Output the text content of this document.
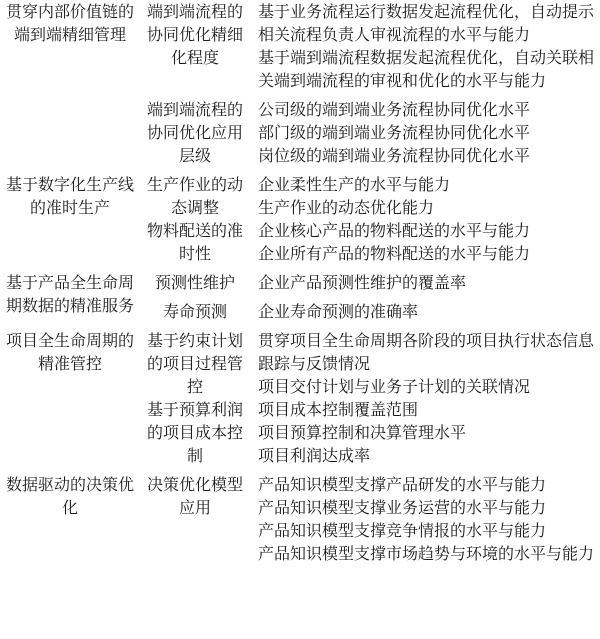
贯穿内部价值链的端到端精细管理	端到端流程的协同优化精细化程度	基于业务流程运行数据发起流程优化，自动提示相关流程负责人审视流程的水平与能力
基于端到端流程数据发起流程优化，自动关联相关端到端流程的审视和优化的水平与能力

	端到端流程的协同优化应用层级	公司级的端到端业务流程协同优化水平
部门级的端到端业务流程协同优化水平
岗位级的端到端业务流程协同优化水平

基于数字化生产线的准时生产	生产作业的动态调整	企业柔性生产的水平与能力
生产作业的动态优化能力

	物料配送的准时性	企业核心产品的物料配送的水平与能力
企业所有产品的物料配送的水平与能力

基于产品全生命周期数据的精准服务	预测性维护	企业产品预测性维护的覆盖率

	寿命预测	企业寿命预测的准确率

项目全生命周期的精准管控	基于约束计划的项目过程管控	贯穿项目全生命周期各阶段的项目执行状态信息跟踪与反馈情况
项目交付计划与业务子计划的关联情况

	基于预算利润的项目成本控制	项目成本控制覆盖范围
项目预算控制和决算管理水平
项目利润达成率

数据驱动的决策优化	决策优化模型应用	产品知识模型支撑产品研发的水平与能力
产品知识模型支撑业务运营的水平与能力
产品知识模型支撑竞争情报的水平与能力
产品知识模型支撑市场趋势与环境的水平与能力
